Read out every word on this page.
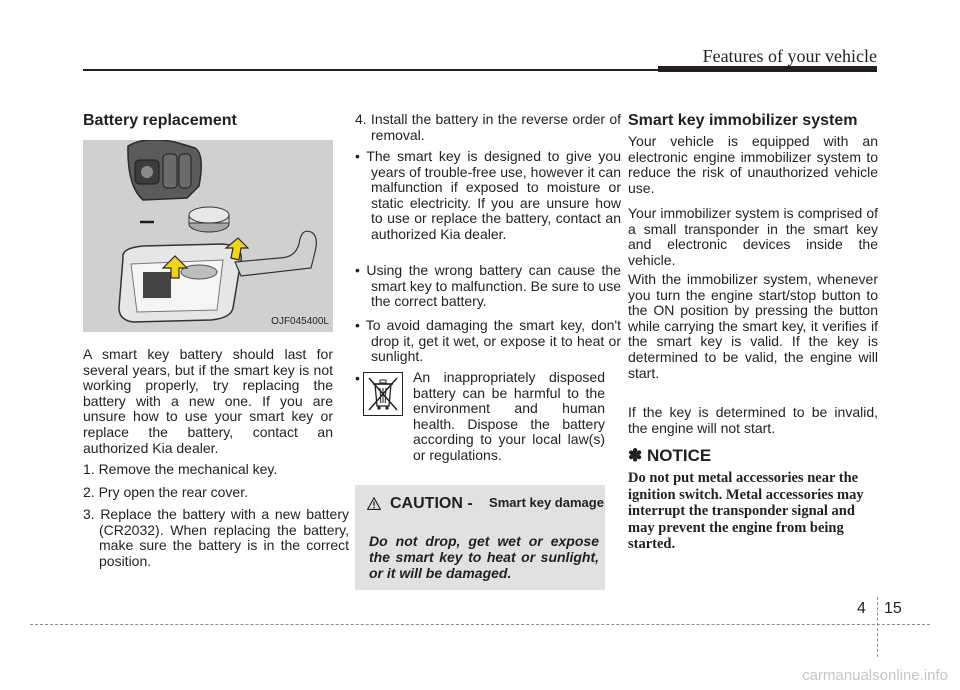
Features of your vehicle
Battery replacement
OJF045400L

A smart key battery should last for several years, but if the smart key is not working properly, try replacing the battery with a new one. If you are unsure how to use your smart key or replace the battery, contact an authorized Kia dealer.

1. Remove the mechanical key.

2. Pry open the rear cover.

3. Replace the battery with a new battery (CR2032). When replacing the battery, make sure the battery is in the correct position.

4. Install the battery in the reverse order of removal.

• The smart key is designed to give you years of trouble-free use, however it can malfunction if exposed to moisture or static electricity. If you are unsure how to use or replace the battery, contact an authorized Kia dealer.

• Using the wrong battery can cause the smart key to malfunction. Be sure to use the correct battery.

• To avoid damaging the smart key, don't drop it, get it wet, or expose it to heat or sunlight.

•	An inappropriately disposed battery can be harmful to the environment and human health. Dispose the battery according to your local law(s) or regulations.

CAUTION - Smart key damage

Do not drop, get wet or expose the smart key to heat or sunlight, or it will be damaged.

Smart key immobilizer system

Your vehicle is equipped with an electronic engine immobilizer system to reduce the risk of unauthorized vehicle use.

Your immobilizer system is comprised of a small transponder in the smart key and electronic devices inside the vehicle.

With the immobilizer system, whenever you turn the engine start/stop button to the ON position by pressing the button while carrying the smart key, it verifies if the smart key is valid. If the key is determined to be valid, the engine will start.

If the key is determined to be invalid, the engine will not start.

✽ NOTICE

Do not put metal accessories near the ignition switch. Metal accessories may interrupt the transponder signal and may prevent the engine from being started.

4 15
carmanualsonline.info
